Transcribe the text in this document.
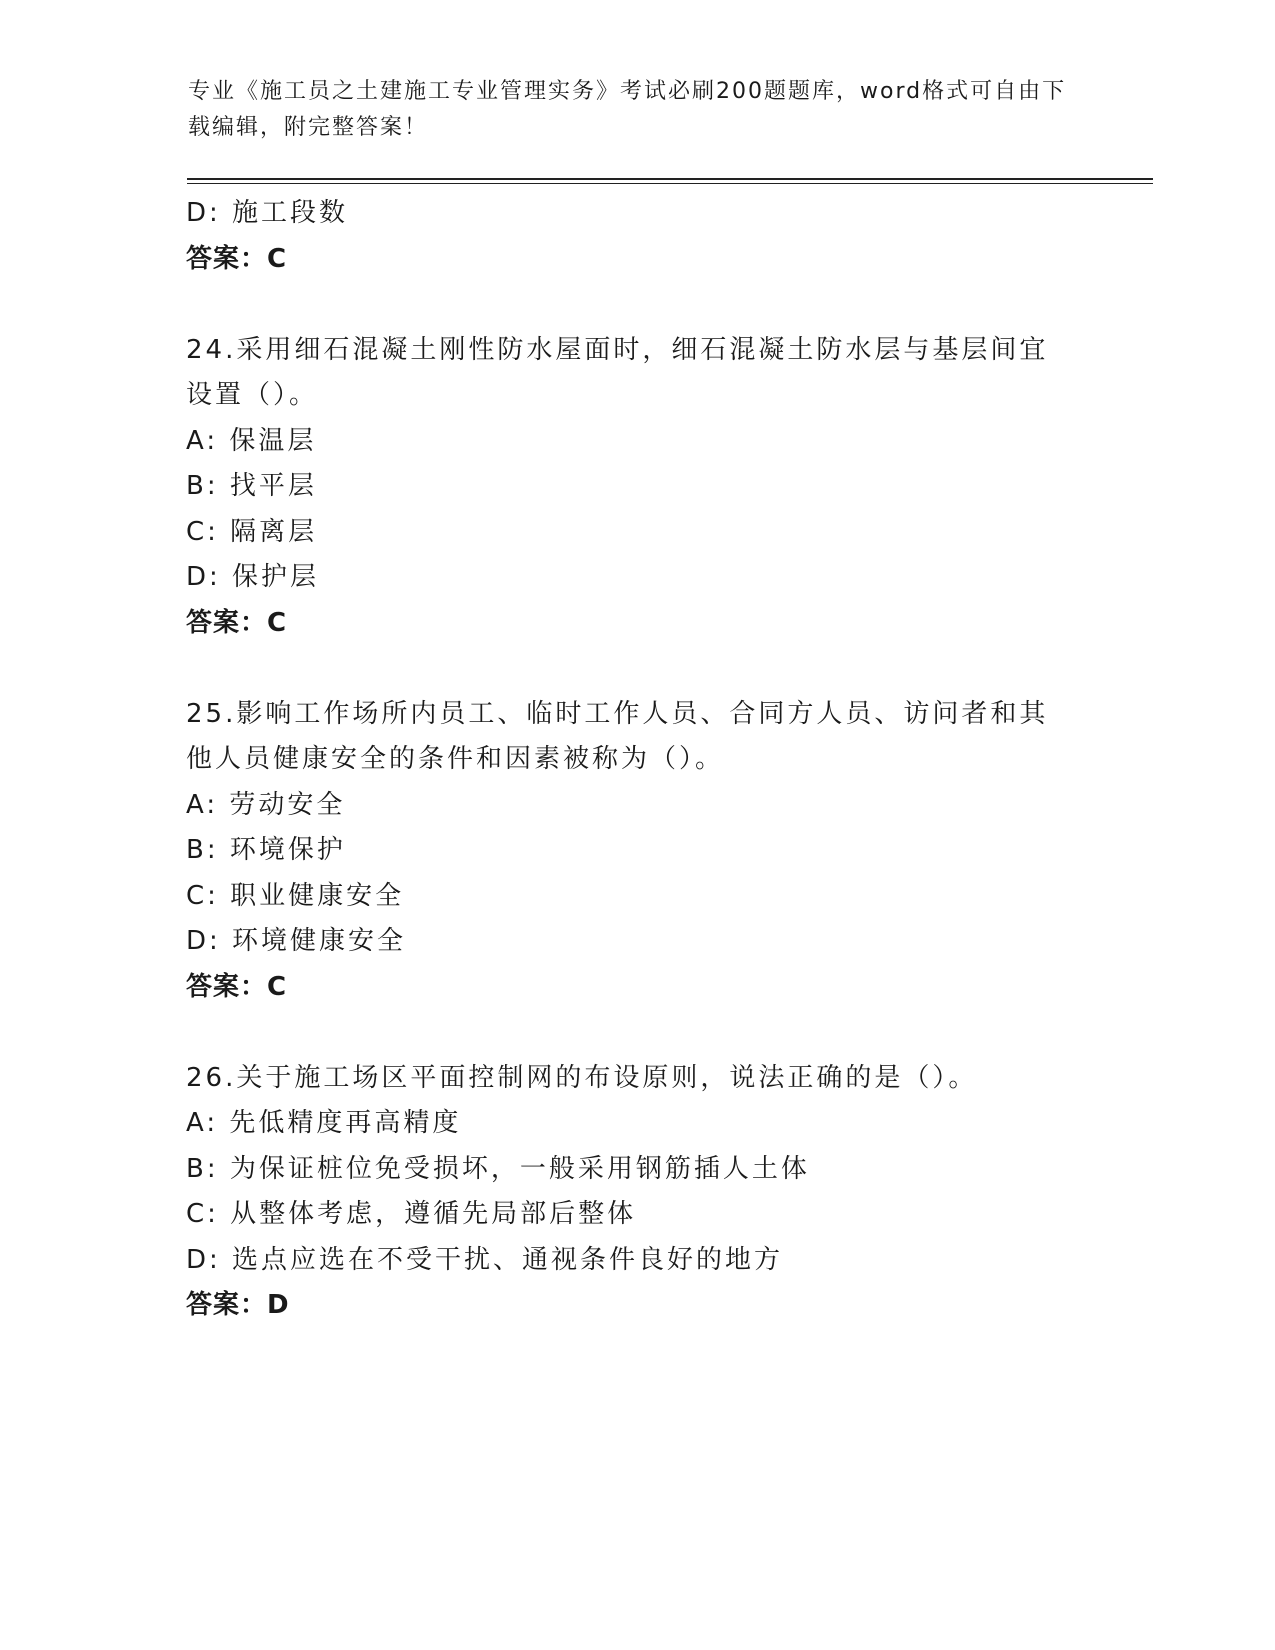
专业《施工员之土建施工专业管理实务》考试必刷200题题库，word格式可自由下载编辑，附完整答案！
D: 施工段数
答案：C
24.采用细石混凝土刚性防水屋面时，细石混凝土防水层与基层间宜设置（）。
A: 保温层
B: 找平层
C: 隔离层
D: 保护层
答案：C
25.影响工作场所内员工、临时工作人员、合同方人员、访问者和其他人员健康安全的条件和因素被称为（）。
A: 劳动安全
B: 环境保护
C: 职业健康安全
D: 环境健康安全
答案：C
26.关于施工场区平面控制网的布设原则，说法正确的是（）。
A: 先低精度再高精度
B: 为保证桩位免受损坏，一般采用钢筋插人土体
C: 从整体考虑，遵循先局部后整体
D: 选点应选在不受干扰、通视条件良好的地方
答案：D
